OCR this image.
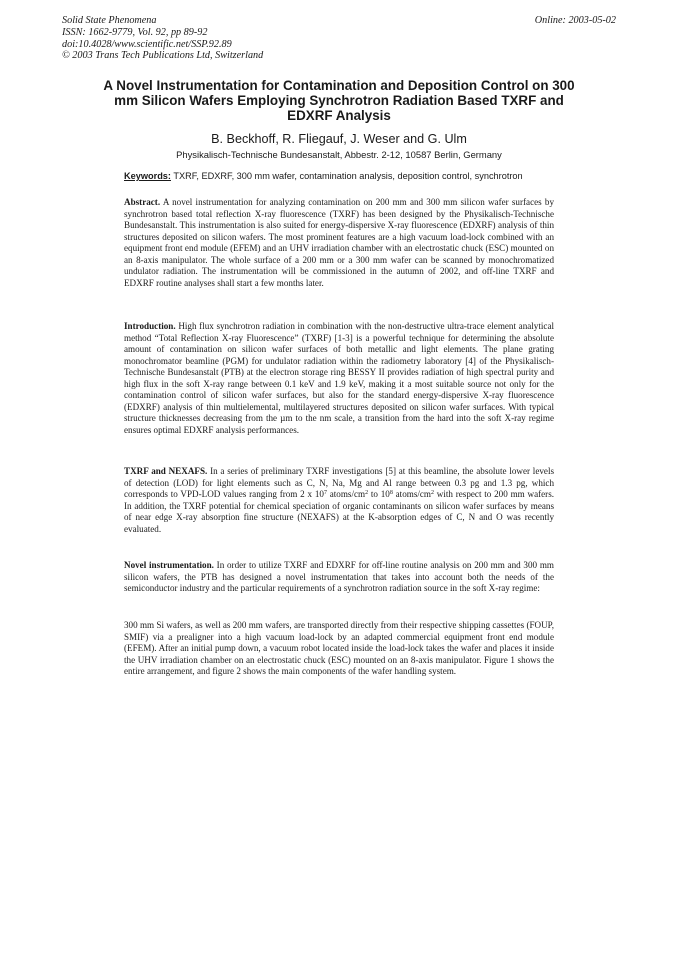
Solid State Phenomena
ISSN: 1662-9779, Vol. 92, pp 89-92
doi:10.4028/www.scientific.net/SSP.92.89
© 2003 Trans Tech Publications Ltd, Switzerland
Online: 2003-05-02
A Novel Instrumentation for Contamination and Deposition Control on 300 mm Silicon Wafers Employing Synchrotron Radiation Based TXRF and EDXRF Analysis
B. Beckhoff, R. Fliegauf, J. Weser and G. Ulm
Physikalisch-Technische Bundesanstalt, Abbestr. 2-12, 10587 Berlin, Germany
Keywords: TXRF, EDXRF, 300 mm wafer, contamination analysis, deposition control, synchrotron
Abstract. A novel instrumentation for analyzing contamination on 200 mm and 300 mm silicon wafer surfaces by synchrotron based total reflection X-ray fluorescence (TXRF) has been designed by the Physikalisch-Technische Bundesanstalt. This instrumentation is also suited for energy-dispersive X-ray fluorescence (EDXRF) analysis of thin structures deposited on silicon wafers. The most prominent features are a high vacuum load-lock combined with an equipment front end module (EFEM) and an UHV irradiation chamber with an electrostatic chuck (ESC) mounted on an 8-axis manipulator. The whole surface of a 200 mm or a 300 mm wafer can be scanned by monochromatized undulator radiation. The instrumentation will be commissioned in the autumn of 2002, and off-line TXRF and EDXRF routine analyses shall start a few months later.
Introduction. High flux synchrotron radiation in combination with the non-destructive ultra-trace element analytical method “Total Reflection X-ray Fluorescence” (TXRF) [1-3] is a powerful technique for determining the absolute amount of contamination on silicon wafer surfaces of both metallic and light elements. The plane grating monochromator beamline (PGM) for undulator radiation within the radiometry laboratory [4] of the Physikalisch-Technische Bundesanstalt (PTB) at the electron storage ring BESSY II provides radiation of high spectral purity and high flux in the soft X-ray range between 0.1 keV and 1.9 keV, making it a most suitable source not only for the contamination control of silicon wafer surfaces, but also for the standard energy-dispersive X-ray fluorescence (EDXRF) analysis of thin multielemental, multilayered structures deposited on silicon wafer surfaces. With typical structure thicknesses decreasing from the µm to the nm scale, a transition from the hard into the soft X-ray regime ensures optimal EDXRF analysis performances.
TXRF and NEXAFS. In a series of preliminary TXRF investigations [5] at this beamline, the absolute lower levels of detection (LOD) for light elements such as C, N, Na, Mg and Al range between 0.3 pg and 1.3 pg, which corresponds to VPD-LOD values ranging from 2 x $10^7$ atoms/$cm^2$ to $10^8$ atoms/$cm^2$ with respect to 200 mm wafers. In addition, the TXRF potential for chemical speciation of organic contaminants on silicon wafer surfaces by means of near edge X-ray absorption fine structure (NEXAFS) at the K-absorption edges of C, N and O was recently evaluated.
Novel instrumentation. In order to utilize TXRF and EDXRF for off-line routine analysis on 200 mm and 300 mm silicon wafers, the PTB has designed a novel instrumentation that takes into account both the needs of the semiconductor industry and the particular requirements of a synchrotron radiation source in the soft X-ray regime:
300 mm Si wafers, as well as 200 mm wafers, are transported directly from their respective shipping cassettes (FOUP, SMIF) via a prealigner into a high vacuum load-lock by an adapted commercial equipment front end module (EFEM). After an initial pump down, a vacuum robot located inside the load-lock takes the wafer and places it inside the UHV irradiation chamber on an electrostatic chuck (ESC) mounted on an 8-axis manipulator. Figure 1 shows the entire arrangement, and figure 2 shows the main components of the wafer handling system.
